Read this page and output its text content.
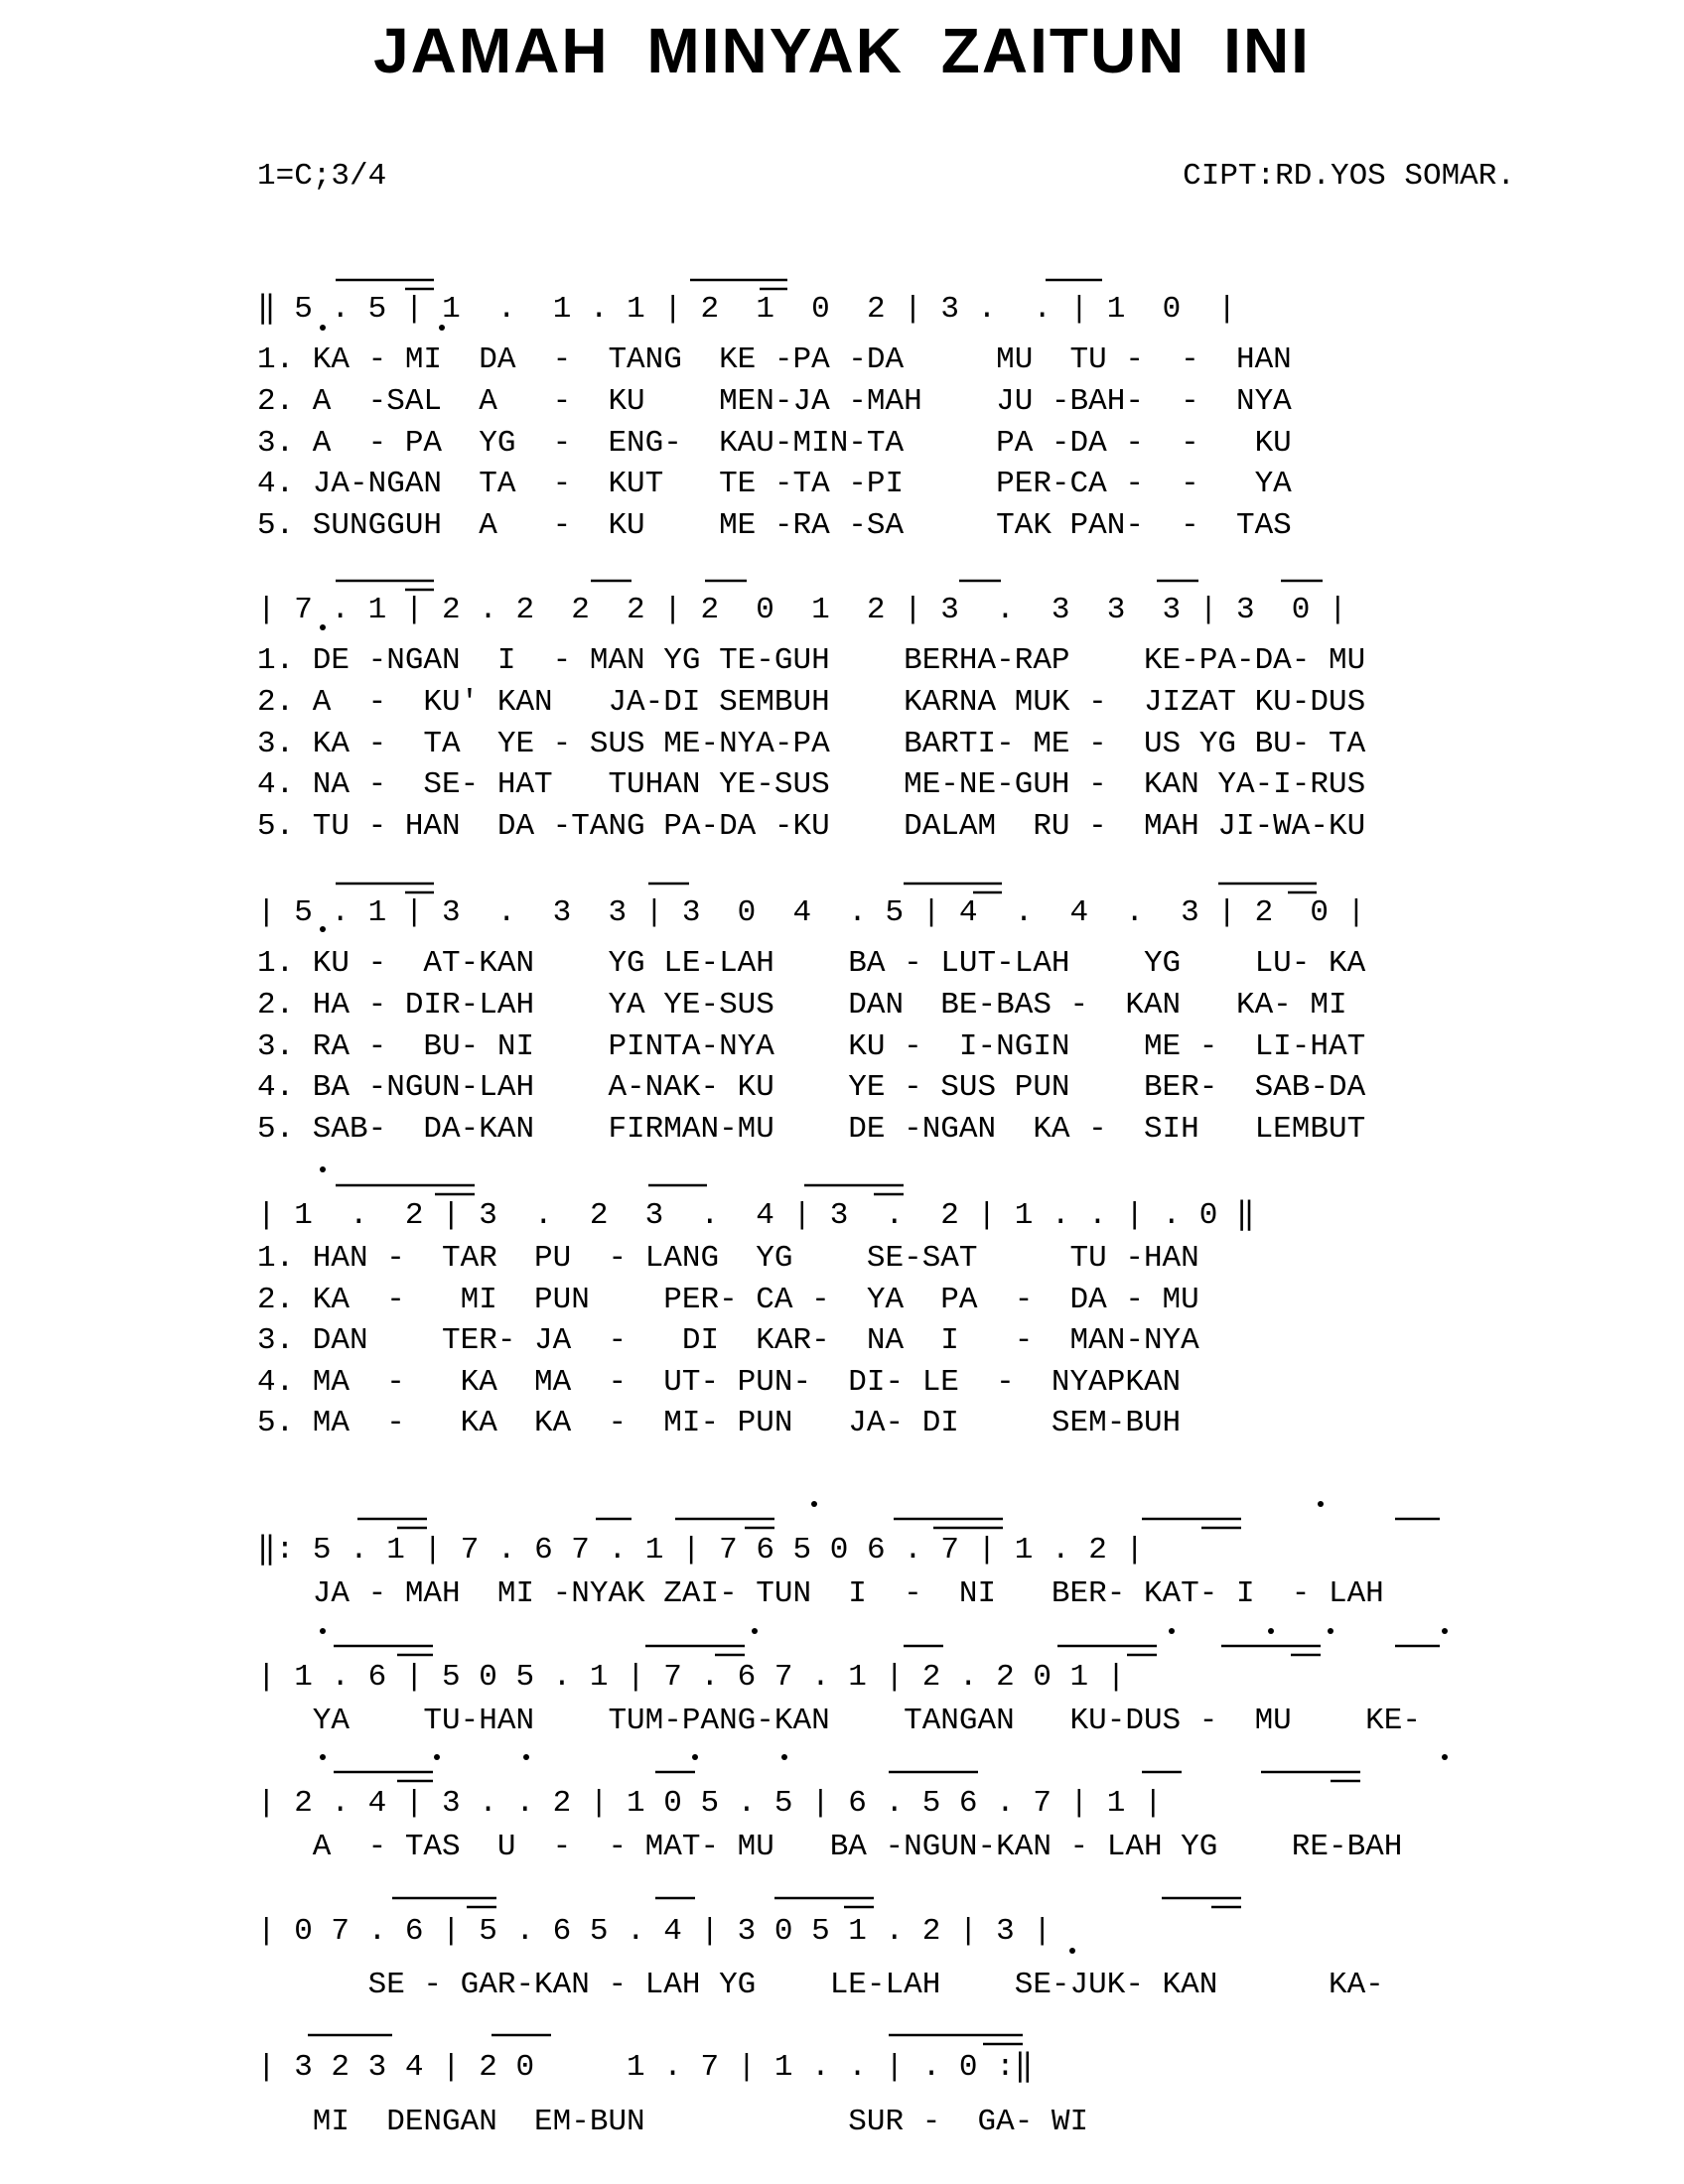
JAMAH MINYAK ZAITUN INI
1=C;3/4	CIPT:RD.YOS SOMAR.
‖ 5 . 5 | 1  .  1 . 1 | 2  1  0  2 | 3 .  . | 1  0  |
1. KA - MI  DA  -  TANG  KE -PA -DA     MU  TU -  -  HAN
2. A  -SAL  A   -  KU    MEN-JA -MAH    JU -BAH-  -  NYA
3. A  - PA  YG  -  ENG-  KAU-MIN-TA     PA -DA -  -   KU
4. JA-NGAN  TA  -  KUT   TE -TA -PI     PER-CA -  -   YA
5. SUNGGUH  A   -  KU    ME -RA -SA     TAK PAN-  -  TAS
| 7 . 1 | 2 . 2  2  2 | 2  0  1  2 | 3  .  3  3  3 | 3  0 |
1. DE -NGAN  I  - MAN YG TE-GUH    BERHA-RAP    KE-PA-DA- MU
2. A  -  KU' KAN   JA-DI SEMBUH    KARNA MUK -  JIZAT KU-DUS
3. KA -  TA  YE - SUS ME-NYA-PA    BARTI- ME -  US YG BU- TA
4. NA -  SE- HAT   TUHAN YE-SUS    ME-NE-GUH -  KAN YA-I-RUS
5. TU - HAN  DA -TANG PA-DA -KU    DALAM  RU -  MAH JI-WA-KU
| 5 . 1 | 3  .  3  3 | 3  0  4  . 5 | 4  .  4  .  3 | 2  0 |
1. KU -  AT-KAN    YG LE-LAH    BA - LUT-LAH    YG    LU- KA
2. HA - DIR-LAH    YA YE-SUS    DAN  BE-BAS -  KAN   KA- MI
3. RA -  BU- NI    PINTA-NYA    KU -  I-NGIN    ME -  LI-HAT
4. BA -NGUN-LAH    A-NAK- KU    YE - SUS PUN    BER-  SAB-DA
5. SAB-  DA-KAN    FIRMAN-MU    DE -NGAN  KA -  SIH   LEMBUT
| 1  .  2 | 3  .  2  3  .  4 | 3  .  2 | 1 . . | . 0 ‖
1. HAN -  TAR  PU  - LANG  YG    SE-SAT     TU -HAN
2. KA  -   MI  PUN    PER- CA -  YA  PA  -  DA - MU
3. DAN    TER- JA  -   DI  KAR-  NA  I   -  MAN-NYA
4. MA  -   KA  MA  -  UT- PUN-  DI- LE  -  NYAPKAN
5. MA  -   KA  KA  -  MI- PUN   JA- DI     SEM-BUH
‖: 5 . 1 | 7 . 6 7 . 1 | 7 6 5 0 6 . 7 | 1 . 2 |
JA - MAH  MI -NYAK ZAI- TUN  I  -  NI   BER- KAT- I  - LAH
| 1 . 6 | 5 0 5 . 1 | 7 . 6 7 . 1 | 2 . 2 0 1 |
YA    TU-HAN    TUM-PANG-KAN    TANGAN   KU-DUS -  MU    KE-
| 2 . 4 | 3 . . 2 | 1 0 5 . 5 | 6 . 5 6 . 7 | 1 |
A  - TAS  U  -  - MAT- MU   BA -NGUN-KAN - LAH YG    RE-BAH
| 0 7 . 6 | 5 . 6 5 . 4 | 3 0 5 1 . 2 | 3 |
SE - GAR-KAN - LAH YG    LE-LAH    SE-JUK- KAN      KA-
| 3 2 3 4 | 2 0     1 . 7 | 1 . . | . 0 :‖
MI  DENGAN  EM-BUN           SUR -  GA- WI
